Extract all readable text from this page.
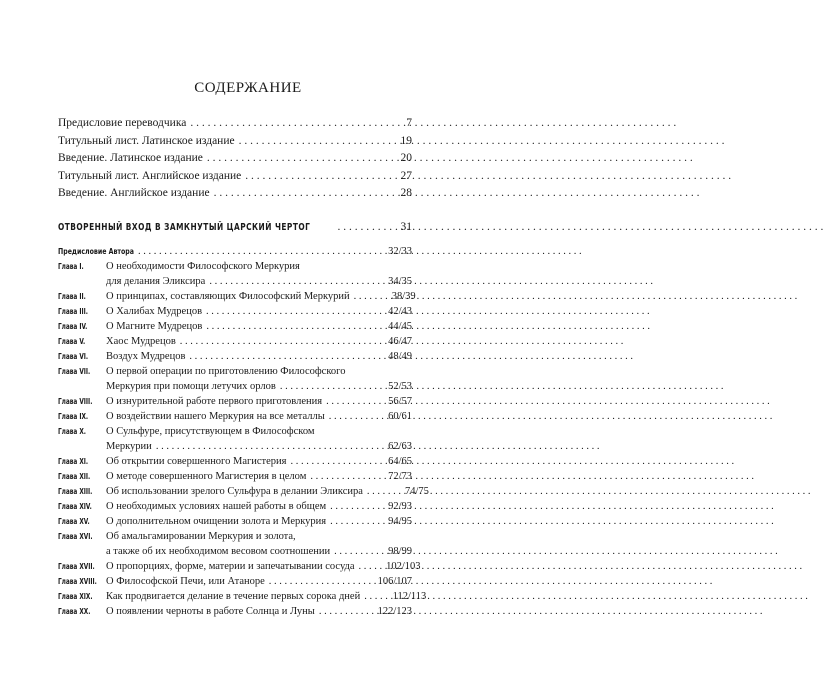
СОДЕРЖАНИЕ
Предисловие переводчика . . .	7
Титульный лист. Латинское издание . . .	19
Введение. Латинское издание . . .	20
Титульный лист. Английское издание . . .	27
Введение. Английское издание . . .	28
ОТВОРЕННЫЙ ВХОД В ЗАМКНУТЫЙ ЦАРСКИЙ ЧЕРТОГ . . .	31
Предисловие Автора . . .	32/33
Глава I.	О необходимости Философского Меркурия
для делания Эликсира . . .	34/35
Глава II.	О принципах, составляющих Философский Меркурий . . .	38/39
Глава III.	О Халибах Мудрецов . . .	42/43
Глава IV.	О Магните Мудрецов . . .	44/45
Глава V.	Хаос Мудрецов . . .	46/47
Глава VI.	Воздух Мудрецов . . .	48/49
Глава VII. О первой операции по приготовлению Философского
Меркурия при помощи летучих орлов . . .	52/53
Глава VIII. О изнурительной работе первого приготовления . . .	56/57
Глава IX.	О воздействии нашего Меркурия на все металлы . . .	60/61
Глава X.	О Сульфуре, присутствующем в Философском
Меркурии . . .	62/63
Глава XI.	Об открытии совершенного Магистерия . . .	64/65
Глава XII. О методе совершенного Магистерия в целом . . .	72/73
Глава XIII. Об использовании зрелого Сульфура в делании Эликсира . . .	74/75
Глава XIV. О необходимых условиях нашей работы в общем . . .	92/93
Глава XV. О дополнительном очищении золота и Меркурия . . .	94/95
Глава XVI. Об амальгамировании Меркурия и золота,
а также об их необходимом весовом соотношении . . .	98/99
Глава XVII. О пропорциях, форме, материи и запечатывании сосуда . . .	102/103
Глава XVIII. О Философской Печи, или Атаноре . . .	106/107
Глава XIX. Как продвигается делание в течение первых сорока дней . . .	112/113
Глава XX. О появлении черноты в работе Солнца и Луны . . .	122/123
